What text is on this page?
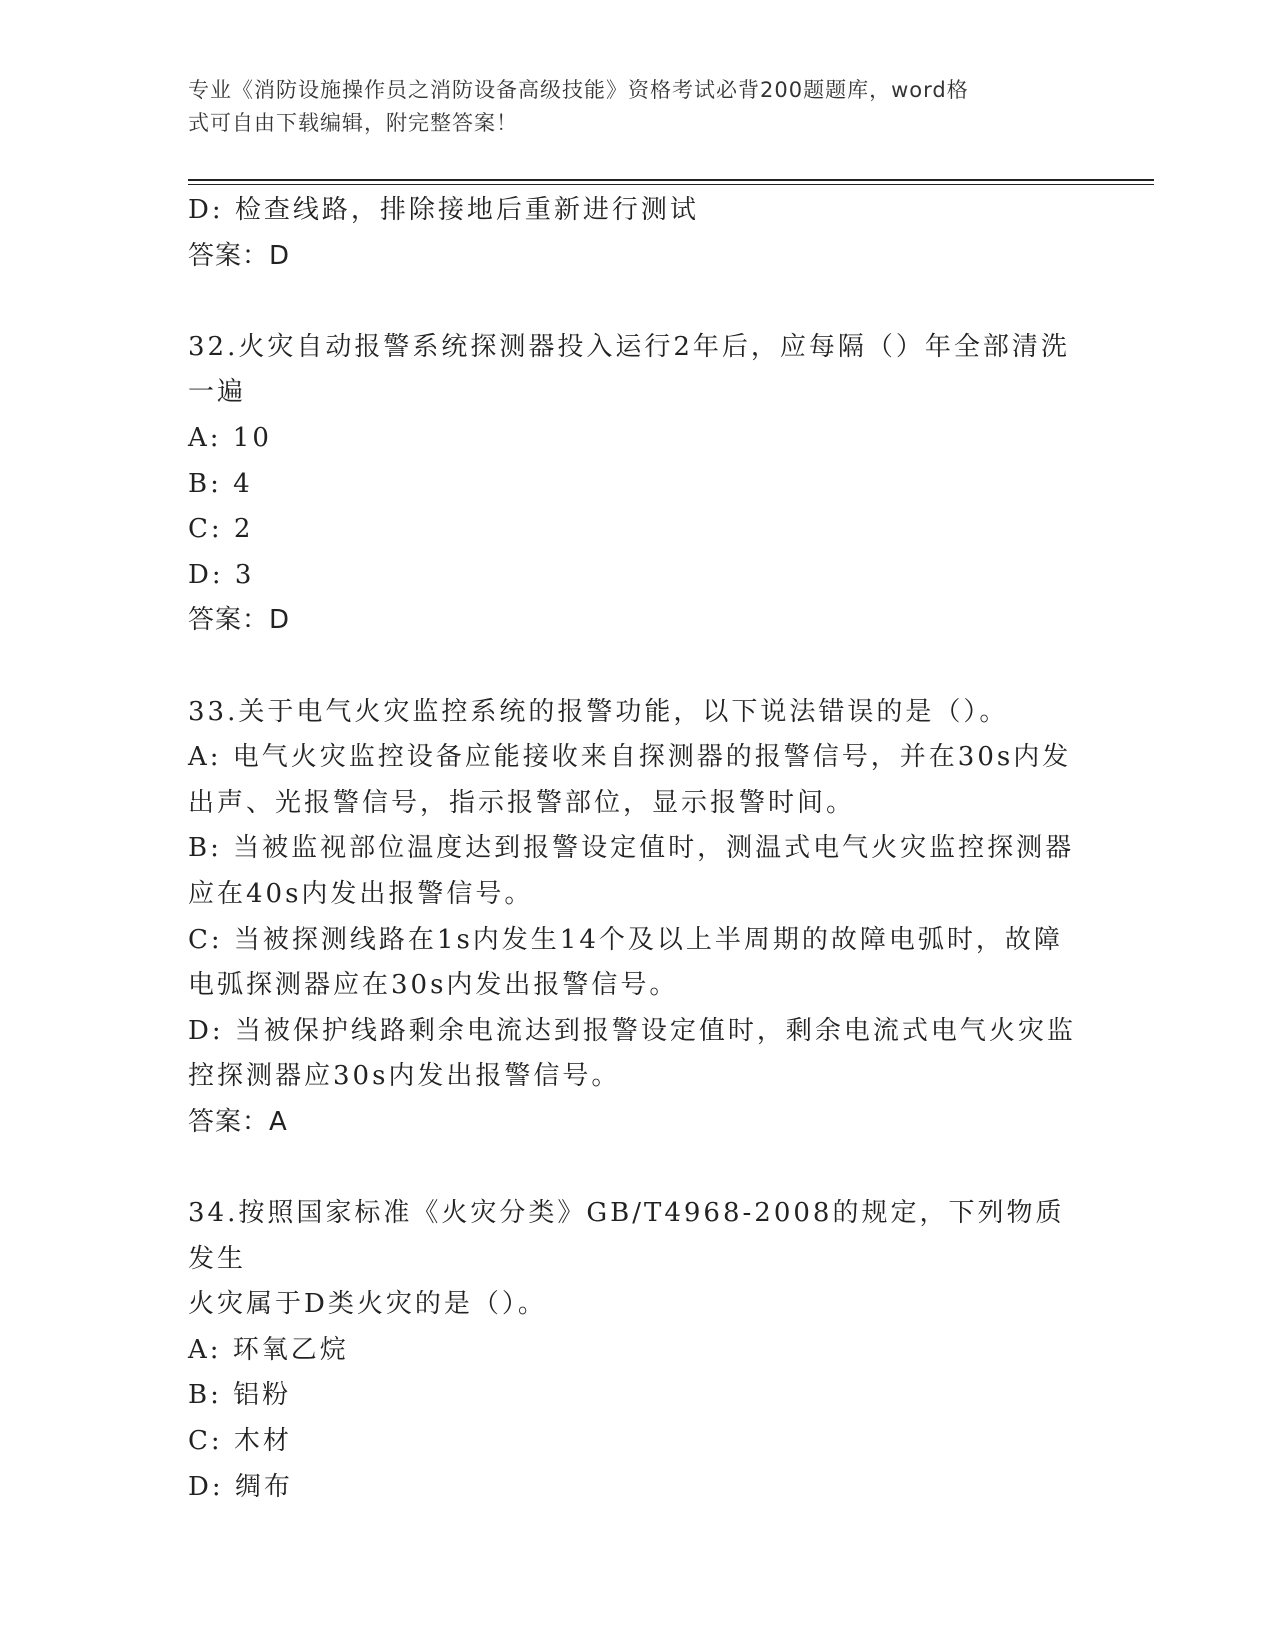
专业《消防设施操作员之消防设备高级技能》资格考试必背200题题库，word格
式可自由下载编辑，附完整答案！
D: 检查线路，排除接地后重新进行测试
答案：D
32.火灾自动报警系统探测器投入运行2年后，应每隔（）年全部清洗
一遍
A: 10
B: 4
C: 2
D: 3
答案：D
33.关于电气火灾监控系统的报警功能，以下说法错误的是（）。
A: 电气火灾监控设备应能接收来自探测器的报警信号，并在30s内发
出声、光报警信号，指示报警部位，显示报警时间。
B: 当被监视部位温度达到报警设定值时，测温式电气火灾监控探测器
应在40s内发出报警信号。
C: 当被探测线路在1s内发生14个及以上半周期的故障电弧时，故障
电弧探测器应在30s内发出报警信号。
D: 当被保护线路剩余电流达到报警设定值时，剩余电流式电气火灾监
控探测器应30s内发出报警信号。
答案：A
34.按照国家标准《火灾分类》GB/T4968-2008的规定，下列物质发生
火灾属于D类火灾的是（）。
A: 环氧乙烷
B: 铝粉
C: 木材
D: 绸布
